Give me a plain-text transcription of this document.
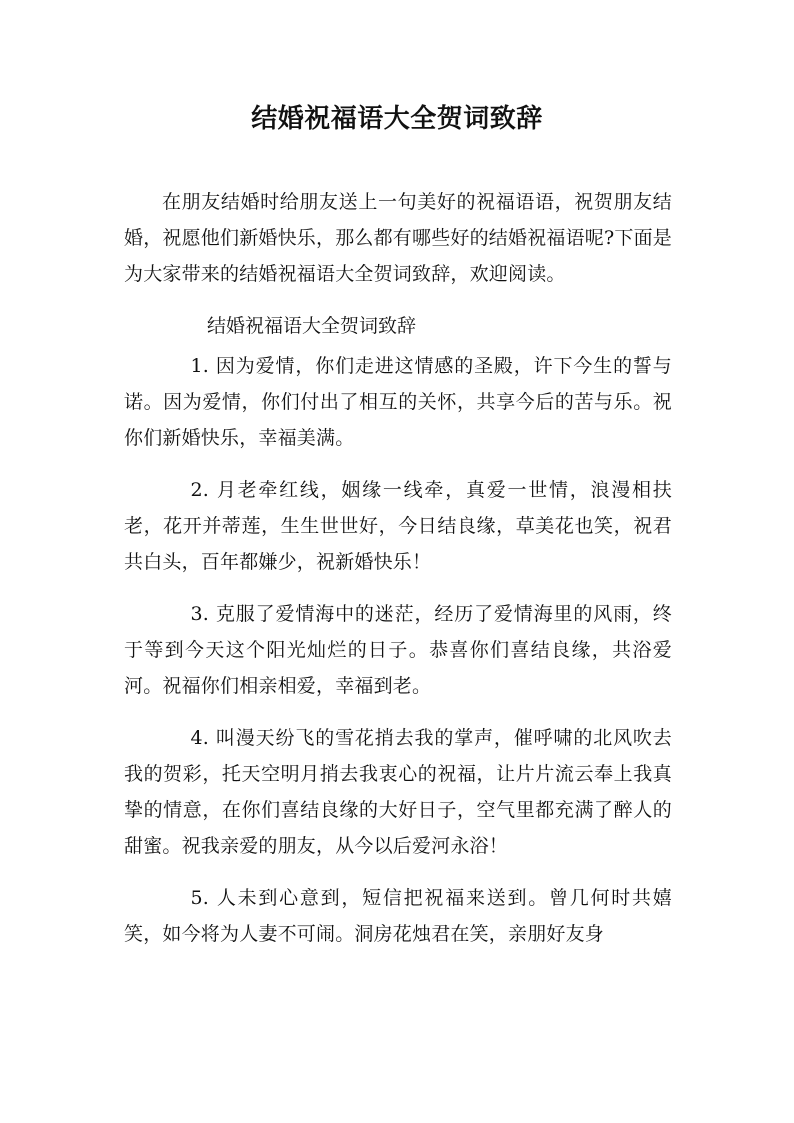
结婚祝福语大全贺词致辞

在朋友结婚时给朋友送上一句美好的祝福语语，祝贺朋友结婚，祝愿他们新婚快乐，那么都有哪些好的结婚祝福语呢?下面是为大家带来的结婚祝福语大全贺词致辞，欢迎阅读。

结婚祝福语大全贺词致辞

1. 因为爱情，你们走进这情感的圣殿，许下今生的誓与诺。因为爱情，你们付出了相互的关怀，共享今后的苦与乐。祝你们新婚快乐，幸福美满。

2. 月老牵红线，姻缘一线牵，真爱一世情，浪漫相扶老，花开并蒂莲，生生世世好，今日结良缘，草美花也笑，祝君共白头，百年都嫌少，祝新婚快乐！

3. 克服了爱情海中的迷茫，经历了爱情海里的风雨，终于等到今天这个阳光灿烂的日子。恭喜你们喜结良缘，共浴爱河。祝福你们相亲相爱，幸福到老。

4. 叫漫天纷飞的雪花捎去我的掌声，催呼啸的北风吹去我的贺彩，托天空明月捎去我衷心的祝福，让片片流云奉上我真挚的情意，在你们喜结良缘的大好日子，空气里都充满了醉人的甜蜜。祝我亲爱的朋友，从今以后爱河永浴！

5. 人未到心意到，短信把祝福来送到。曾几何时共嬉笑，如今将为人妻不可闹。洞房花烛君在笑，亲朋好友身
